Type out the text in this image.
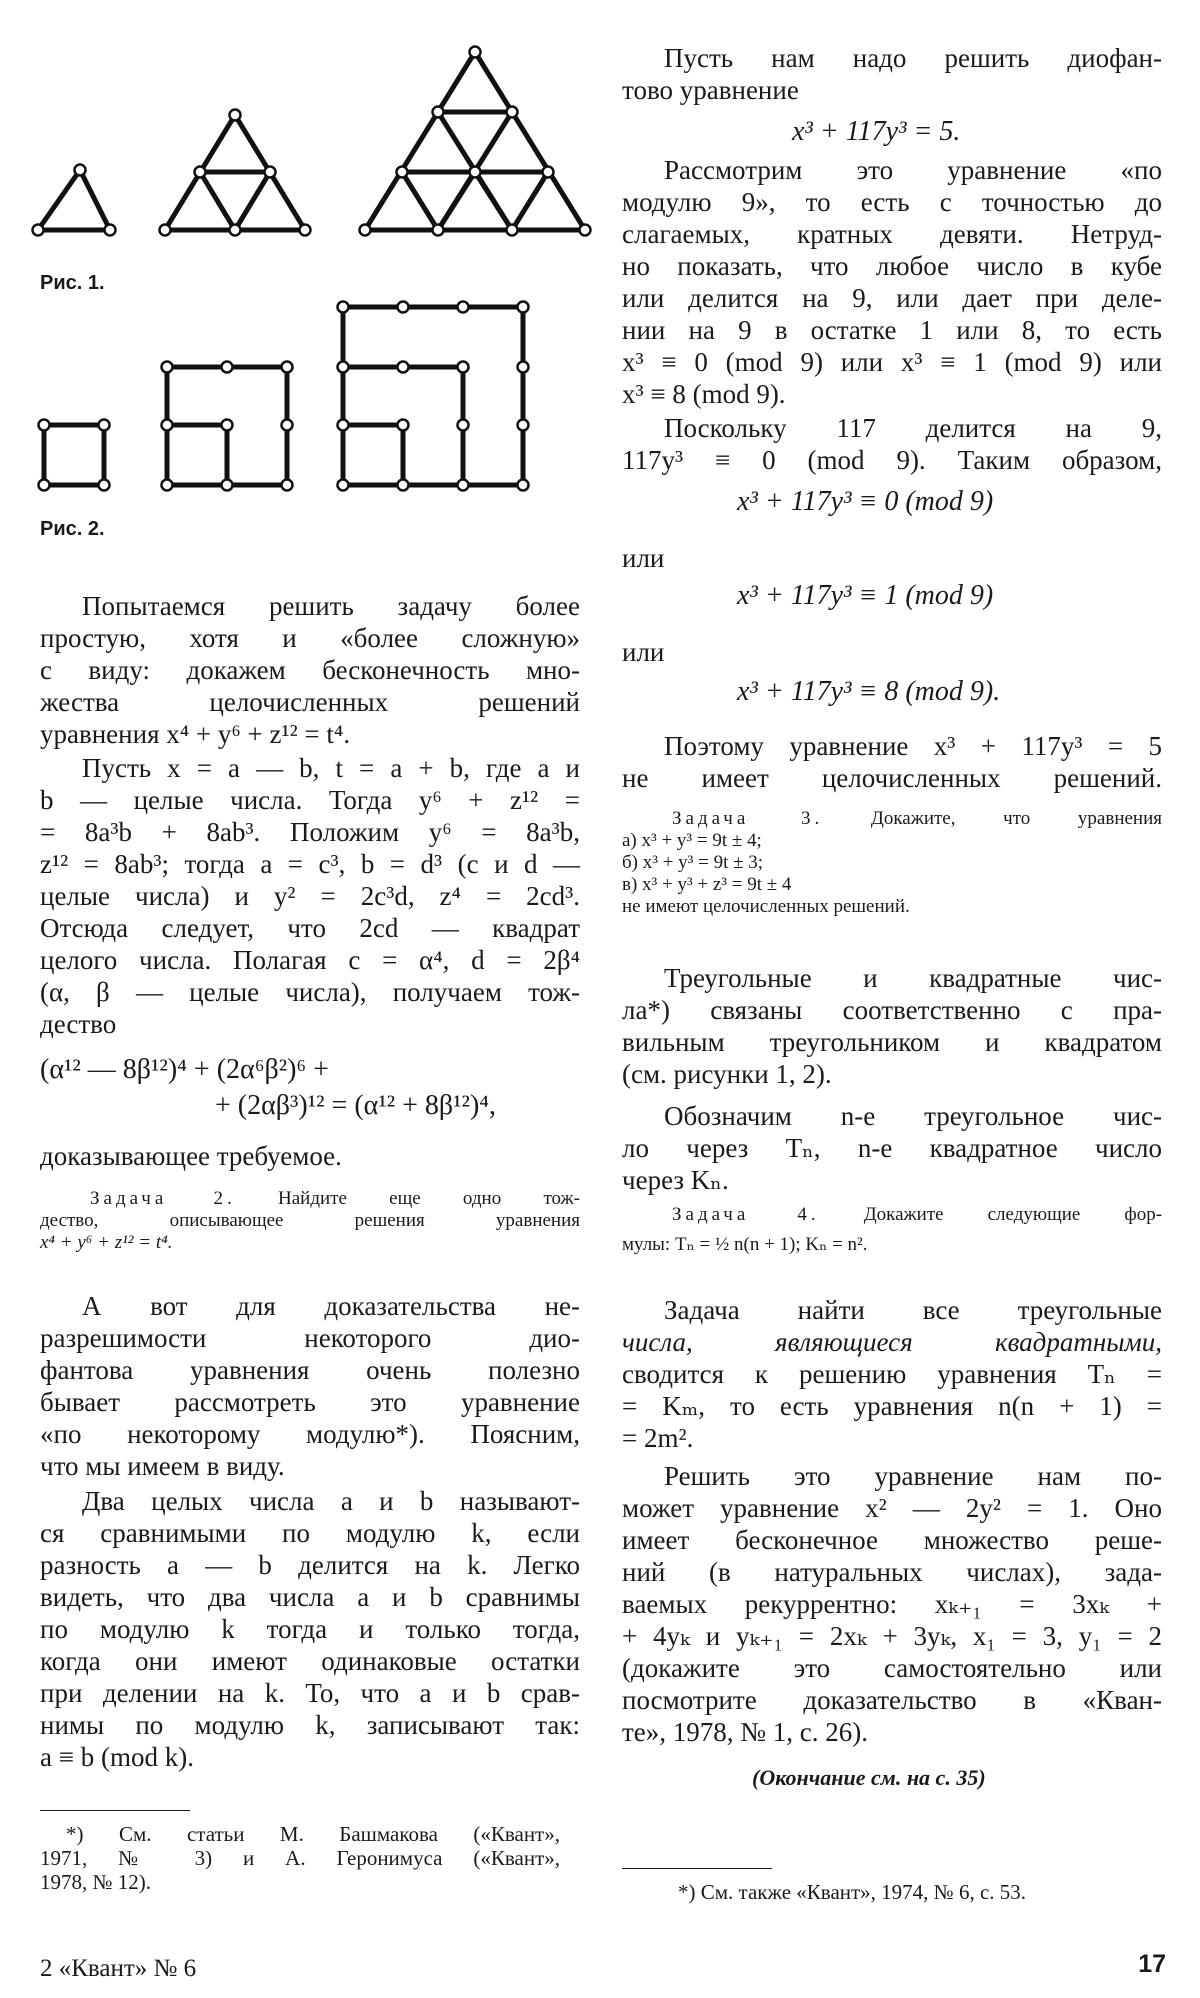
Рис. 1.
Рис. 2.
Попытаемся решить задачу более
простую, хотя и «более сложную»
с виду: докажем бесконечность мно-
жества целочисленных решений
уравнения x⁴ + y⁶ + z¹² = t⁴.
Пусть x = a — b, t = a + b, где a и
b — целые числа. Тогда y⁶ + z¹² =
= 8a³b + 8ab³. Положим y⁶ = 8a³b,
z¹² = 8ab³; тогда a = c³, b = d³ (c и d —
целые числа) и y² = 2c³d, z⁴ = 2cd³.
Отсюда следует, что 2cd — квадрат
целого числа. Полагая c = α⁴, d = 2β⁴
(α, β — целые числа), получаем тож-
дество
(α¹² — 8β¹²)⁴ + (2α⁶β²)⁶ +
+ (2αβ³)¹² = (α¹² + 8β¹²)⁴,
доказывающее требуемое.
Задача 2. Найдите еще одно тож-
дество, описывающее решения уравнения
x⁴ + y⁶ + z¹² = t⁴.
А вот для доказательства не-
разрешимости некоторого дио-
фантова уравнения очень полезно
бывает рассмотреть это уравнение
«по некоторому модулю*). Поясним,
что мы имеем в виду.
Два целых числа a и b называют-
ся сравнимыми по модулю k, если
разность a — b делится на k. Легко
видеть, что два числа a и b сравнимы
по модулю k тогда и только тогда,
когда они имеют одинаковые остатки
при делении на k. То, что a и b срав-
нимы по модулю k, записывают так:
a ≡ b (mod k).
*) См. статьи М. Башмакова («Квант»,
1971, № 3) и А. Геронимуса («Квант»,
1978, № 12).
2 «Квант» № 6
Пусть нам надо решить диофан-
тово уравнение
x³ + 117y³ = 5.
Рассмотрим это уравнение «по
модулю 9», то есть с точностью до
слагаемых, кратных девяти. Нетруд-
но показать, что любое число в кубе
или делится на 9, или дает при деле-
нии на 9 в остатке 1 или 8, то есть
x³ ≡ 0 (mod 9) или x³ ≡ 1 (mod 9) или
x³ ≡ 8 (mod 9).
Поскольку 117 делится на 9,
117y³ ≡ 0 (mod 9). Таким образом,
x³ + 117y³ ≡ 0 (mod 9)
или
x³ + 117y³ ≡ 1 (mod 9)
или
x³ + 117y³ ≡ 8 (mod 9).
Поэтому уравнение x³ + 117y³ = 5
не имеет целочисленных решений.
Задача 3.	Докажите, что уравнения
а) x³ + y³ = 9t ± 4;
б) x³ + y³ = 9t ± 3;
в) x³ + y³ + z³ = 9t ± 4
не имеют целочисленных решений.
Треугольные и квадратные чис-
ла*) связаны соответственно с пра-
вильным треугольником и квадратом
(см. рисунки 1, 2).
Обозначим n-е треугольное чис-
ло через Tₙ, n-е квадратное число
через Kₙ.
Задача 4. Докажите следующие фор-
мулы: Tₙ = ½ n(n + 1); Kₙ = n².
Задача найти все треугольные
числа, являющиеся квадратными,
сводится к решению уравнения Tₙ =
= Kₘ, то есть уравнения n(n + 1) =
= 2m².
Решить это уравнение нам по-
может уравнение x² — 2y² = 1. Оно
имеет бесконечное множество реше-
ний (в натуральных числах), зада-
ваемых рекуррентно: xₖ₊₁ = 3xₖ +
+ 4yₖ и yₖ₊₁ = 2xₖ + 3yₖ, x₁ = 3, y₁ = 2
(докажите это самостоятельно или
посмотрите доказательство в «Кван-
те», 1978, № 1, с. 26).
(Окончание см. на с. 35)
*) См. также «Квант», 1974, № 6, с. 53.
17
